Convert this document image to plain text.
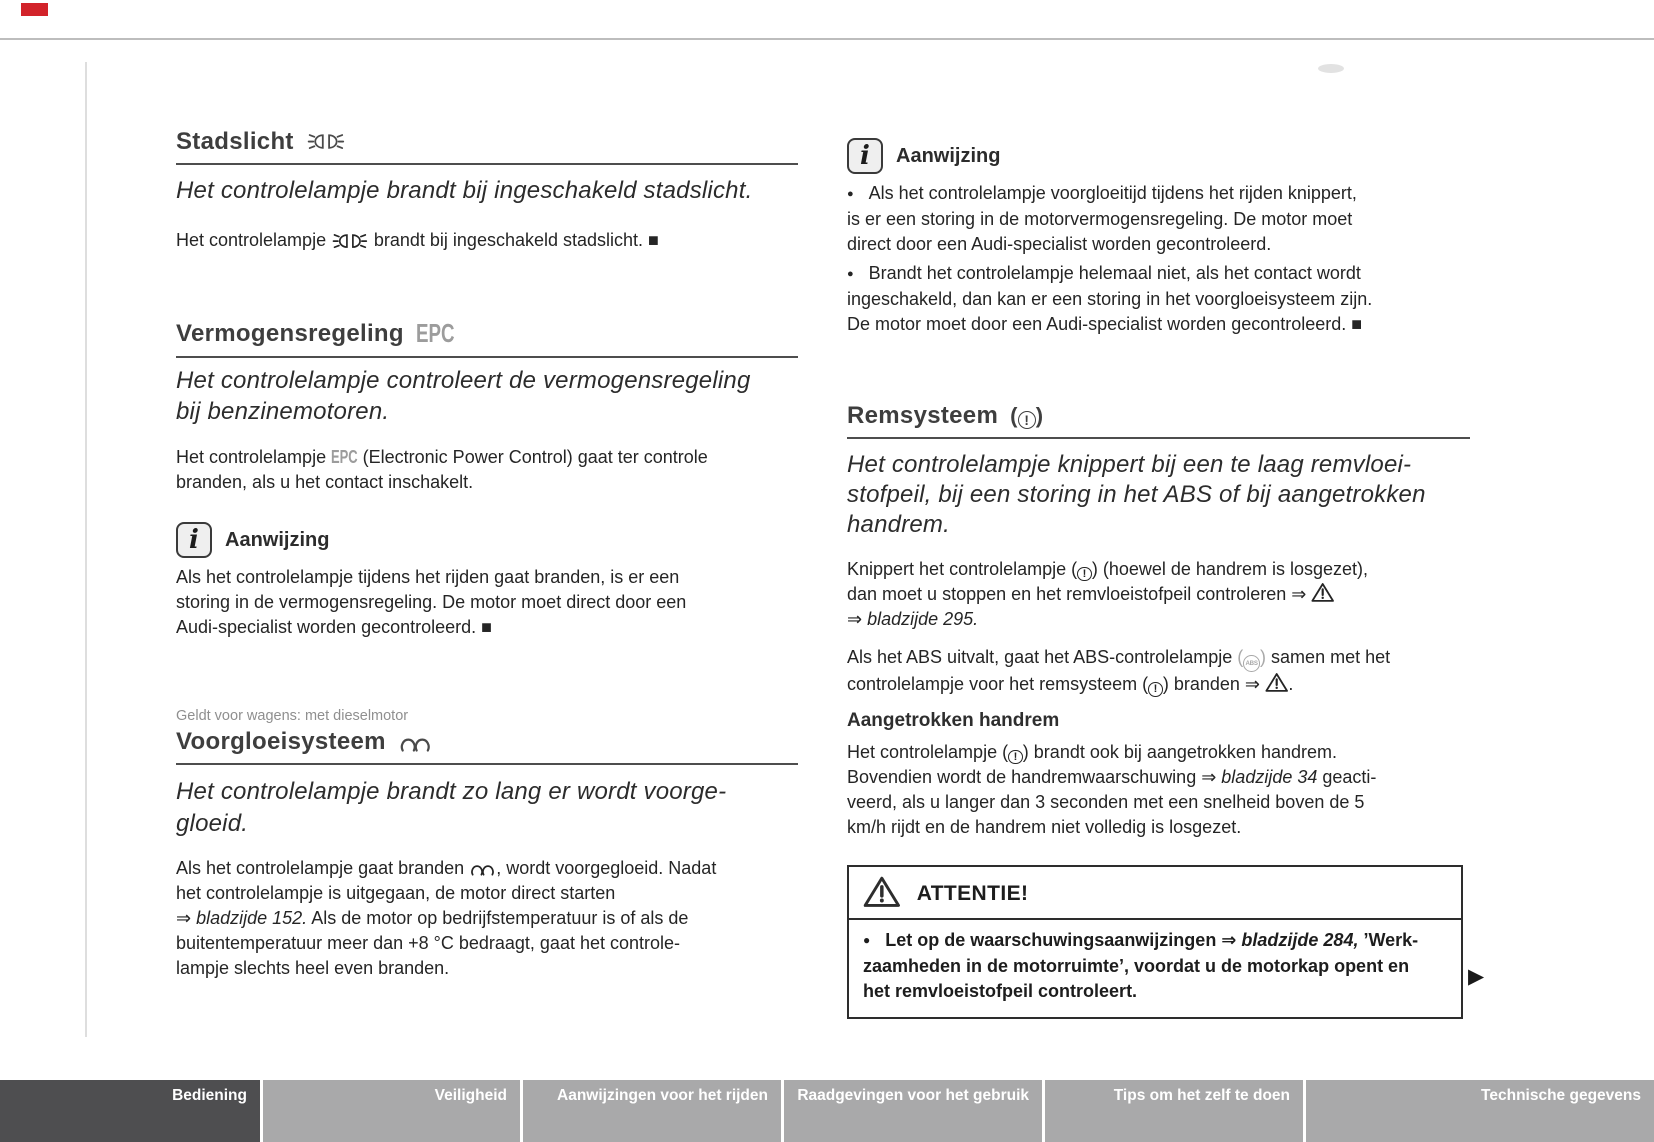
Stadslicht
Het controlelampje brandt bij ingeschakeld stadslicht.
Het controlelampje  brandt bij ingeschakeld stadslicht. ■
Vermogensregeling EPC
Het controlelampje controleert de vermogensregeling
bij benzinemotoren.
Het controlelampje EPC (Electronic Power Control) gaat ter controle
branden, als u het contact inschakelt.
i	Aanwijzing
Als het controlelampje tijdens het rijden gaat branden, is er een
storing in de vermogensregeling. De motor moet direct door een
Audi-specialist worden gecontroleerd. ■
Geldt voor wagens: met dieselmotor
Voorgloeisysteem
Het controlelampje brandt zo lang er wordt voorge-
gloeid.
Als het controlelampje gaat branden , wordt voorgegloeid. Nadat
het controlelampje is uitgegaan, de motor direct starten
⇒ bladzijde 152. Als de motor op bedrijfstemperatuur is of als de
buitentemperatuur meer dan +8 °C bedraagt, gaat het controle-
lampje slechts heel even branden.
i	Aanwijzing
● Als het controlelampje voorgloeitijd tijdens het rijden knippert,
is er een storing in de motorvermogensregeling. De motor moet
direct door een Audi-specialist worden gecontroleerd.
● Brandt het controlelampje helemaal niet, als het contact wordt
ingeschakeld, dan kan er een storing in het voorgloeisysteem zijn.
De motor moet door een Audi-specialist worden gecontroleerd. ■
Remsysteem ( ! )
Het controlelampje knippert bij een te laag remvloei-
stofpeil, bij een storing in het ABS of bij aangetrokken
handrem.
Knippert het controlelampje ( ! ) (hoewel de handrem is losgezet),
dan moet u stoppen en het remvloeistofpeil controleren ⇒
⇒ bladzijde 295.
Als het ABS uitvalt, gaat het ABS-controlelampje ( ABS ) samen met het
controlelampje voor het remsysteem ( ! ) branden ⇒ .
Aangetrokken handrem
Het controlelampje ( ! ) brandt ook bij aangetrokken handrem.
Bovendien wordt de handremwaarschuwing ⇒ bladzijde 34 geacti-
veerd, als u langer dan 3 seconden met een snelheid boven de 5
km/h rijdt en de handrem niet volledig is losgezet.
ATTENTIE!
● Let op de waarschuwingsaanwijzingen ⇒ bladzijde 284, ’Werk-
zaamheden in de motorruimte’, voordat u de motorkap opent en
het remvloeistofpeil controleert.
▶
Bediening	Veiligheid	Aanwijzingen voor het rijden	Raadgevingen voor het gebruik	Tips om het zelf te doen	Technische gegevens
